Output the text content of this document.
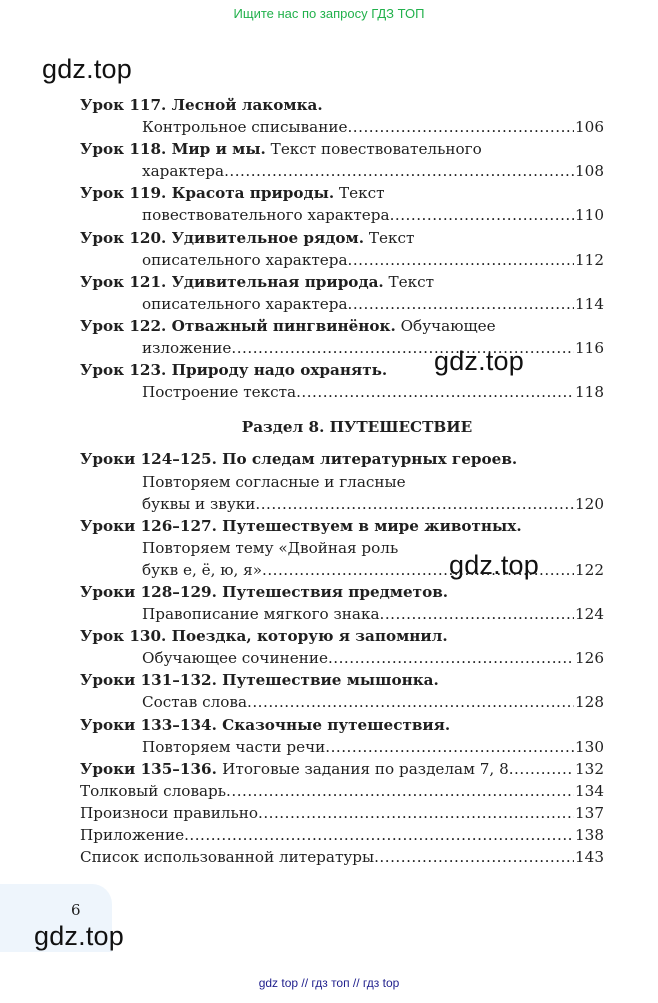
Ищите нас по запросу ГДЗ ТОП
gdz.top
gdz.top
gdz.top
Урок 117. Лесной лакомка.
Контрольное списывание .....	106
Урок 118. Мир и мы. Текст повествовательного
характера .....	108
Урок 119. Красота природы. Текст
повествовательного характера .....	110
Урок 120. Удивительное рядом. Текст
описательного характера .....	112
Урок 121. Удивительная природа. Текст
описательного характера .....	114
Урок 122. Отважный пингвинёнок. Обучающее
изложение .....	116
Урок 123. Природу надо охранять.
Построение текста .....	118
Раздел 8. ПУТЕШЕСТВИЕ
Уроки 124–125. По следам литературных героев.
Повторяем согласные и гласные
буквы и звуки .....	120
Уроки 126–127. Путешествуем в мире животных.
Повторяем тему «Двойная роль
букв е, ё, ю, я» .....	122
Уроки 128–129. Путешествия предметов.
Правописание мягкого знака .....	124
Урок 130. Поездка, которую я запомнил.
Обучающее сочинение .....	126
Уроки 131–132. Путешествие мышонка.
Состав слова .....	128
Уроки 133–134. Сказочные путешествия.
Повторяем части речи .....	130
Уроки 135–136. Итоговые задания по разделам 7, 8 .....	132
Толковый словарь .....	134
Произноси правильно .....	137
Приложение .....	138
Список использованной литературы .....	143
6
gdz.top
gdz top // гдз топ // гдз top
